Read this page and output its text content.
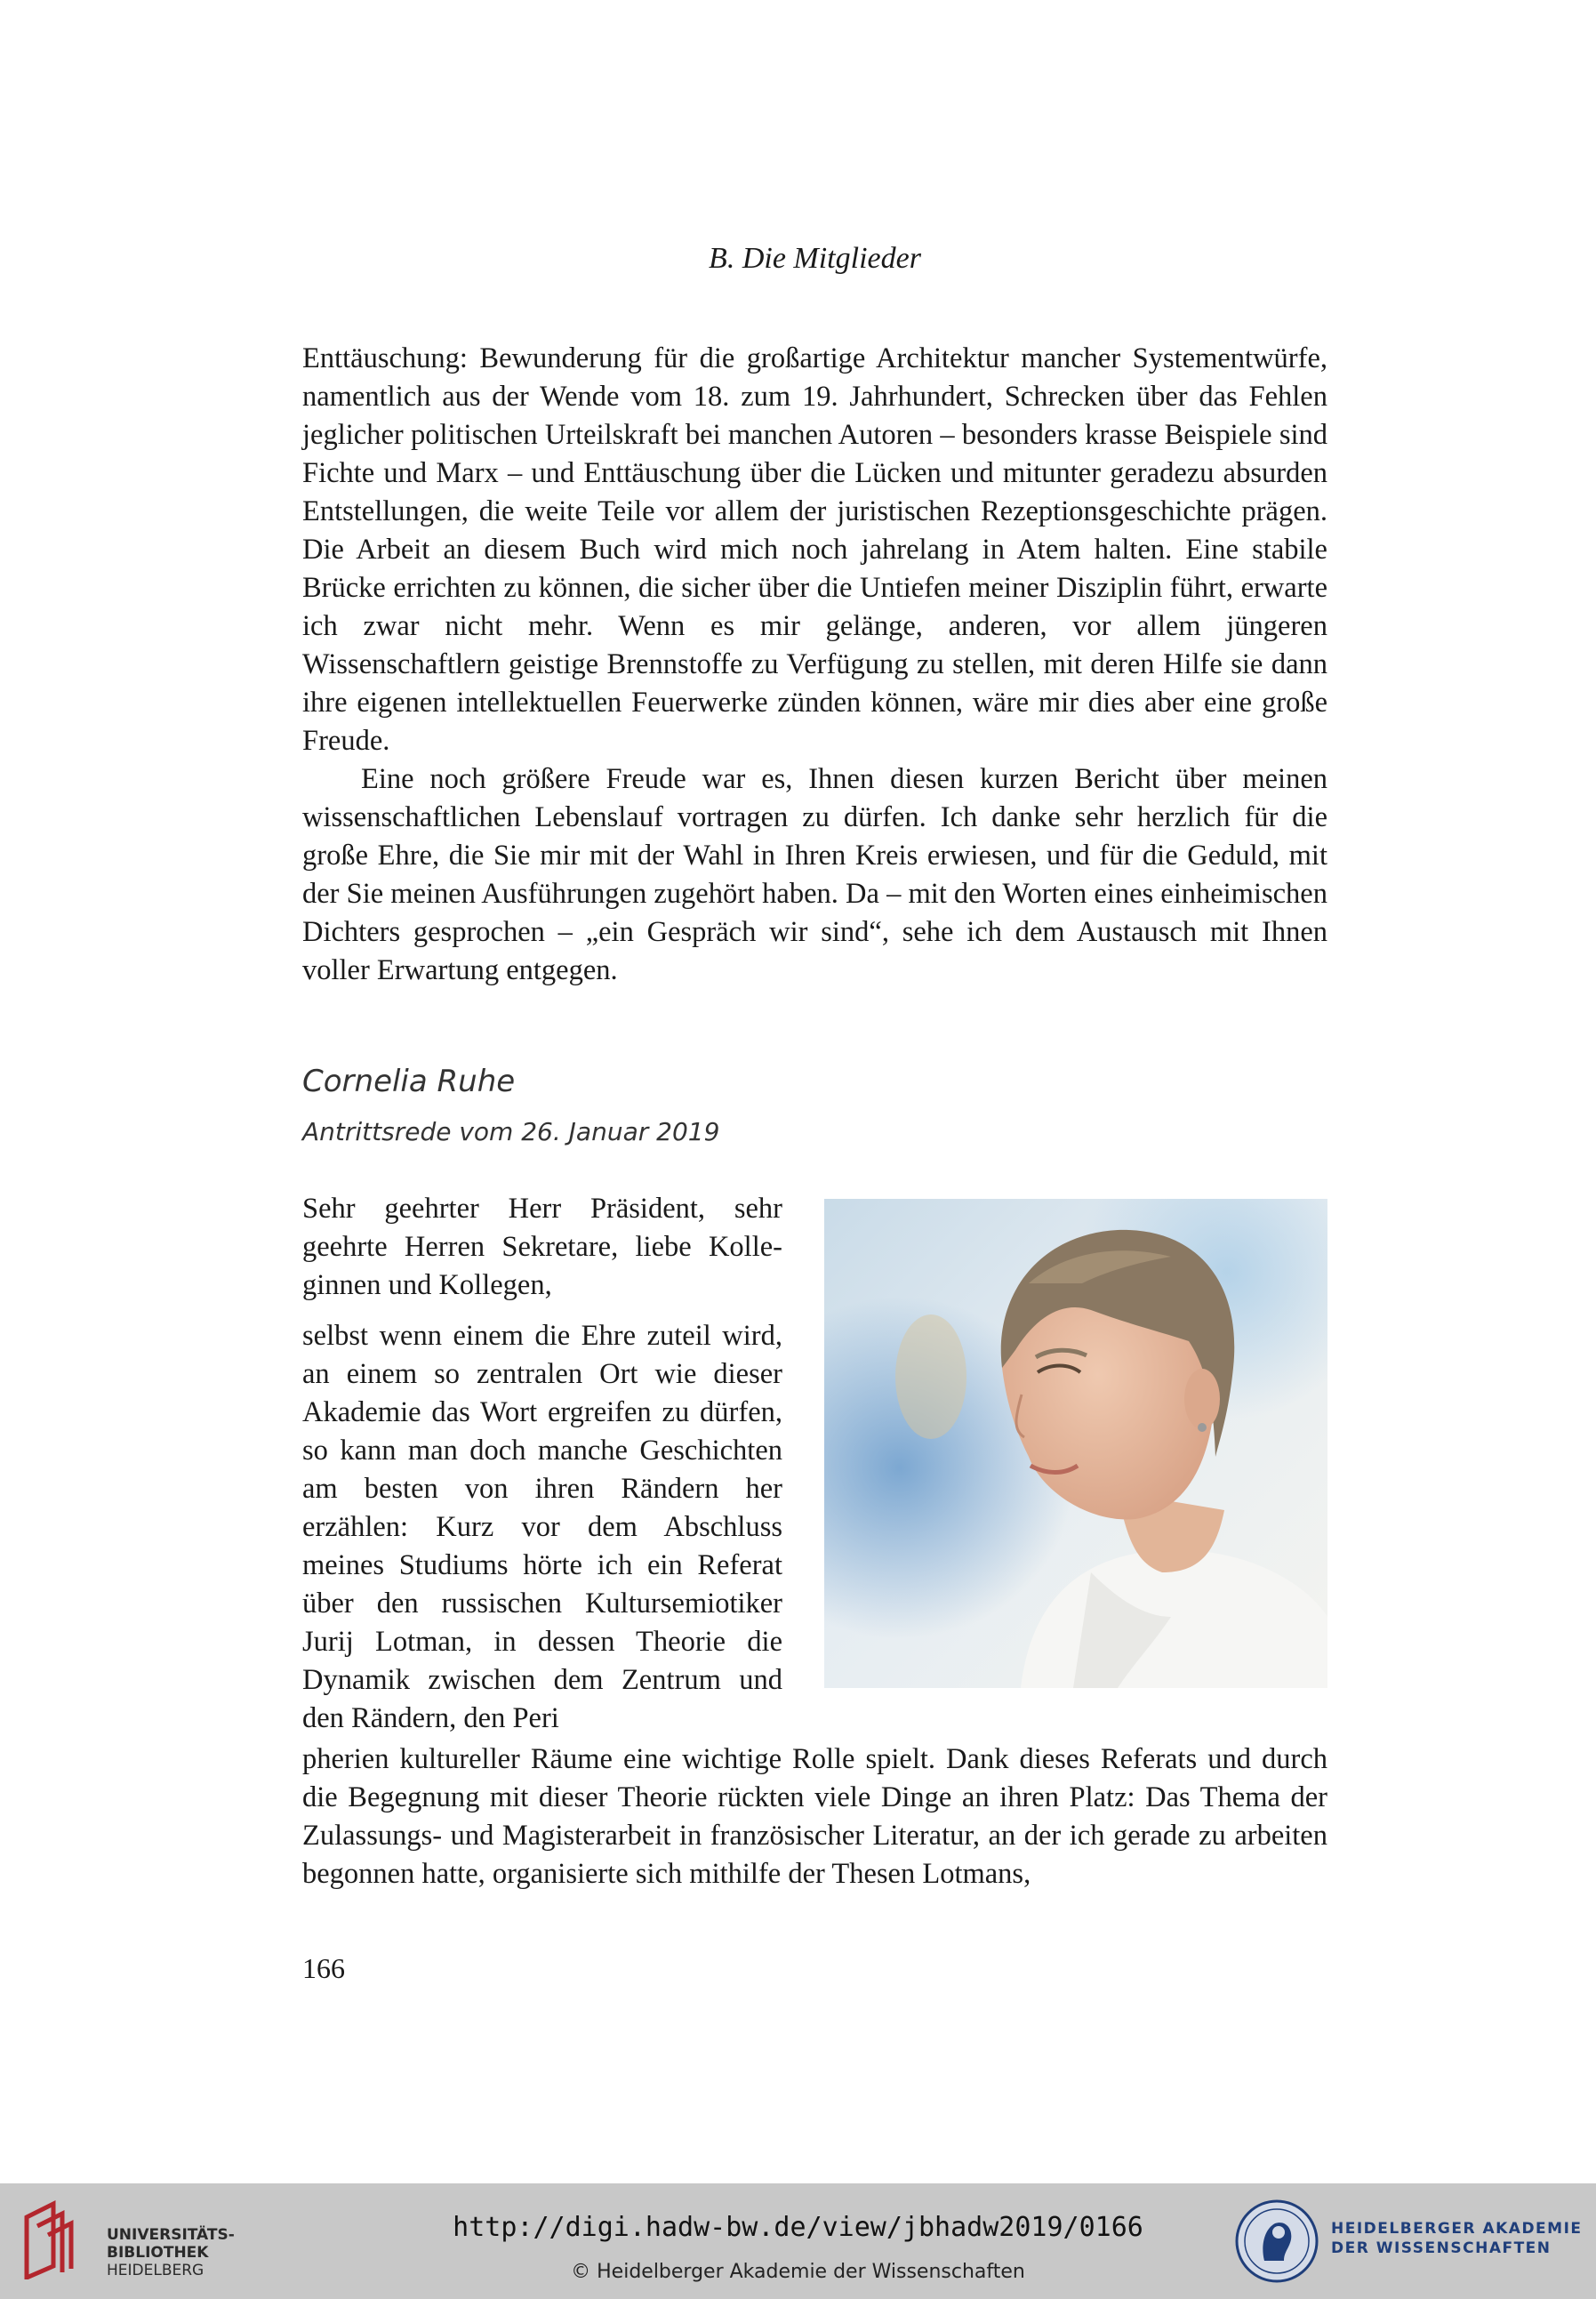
B. Die Mitglieder

Enttäuschung: Bewunderung für die großartige Architektur mancher Systementwürfe, namentlich aus der Wende vom 18. zum 19. Jahrhundert, Schrecken über das Fehlen jeglicher politischen Urteilskraft bei manchen Autoren – besonders krasse Beispiele sind Fichte und Marx – und Enttäuschung über die Lücken und mitunter geradezu absurden Entstellungen, die weite Teile vor allem der juristischen Rezeptionsgeschichte prägen. Die Arbeit an diesem Buch wird mich noch jahrelang in Atem halten. Eine stabile Brücke errichten zu können, die sicher über die Untiefen meiner Disziplin führt, erwarte ich zwar nicht mehr. Wenn es mir gelänge, anderen, vor allem jüngeren Wissenschaftlern geistige Brennstoffe zu Verfügung zu stellen, mit deren Hilfe sie dann ihre eigenen intellektuellen Feuerwerke zünden können, wäre mir dies aber eine große Freude.

Eine noch größere Freude war es, Ihnen diesen kurzen Bericht über meinen wissenschaftlichen Lebenslauf vortragen zu dürfen. Ich danke sehr herzlich für die große Ehre, die Sie mir mit der Wahl in Ihren Kreis erwiesen, und für die Geduld, mit der Sie meinen Ausführungen zugehört haben. Da – mit den Worten eines einheimischen Dichters gesprochen – „ein Gespräch wir sind“, sehe ich dem Austausch mit Ihnen voller Erwartung entgegen.

Cornelia Ruhe
Antrittsrede vom 26. Januar 2019

Sehr geehrter Herr Präsident, sehr geehrte Herren Sekretare, liebe Kolleginnen und Kollegen,

selbst wenn einem die Ehre zuteil wird, an einem so zentralen Ort wie dieser Akademie das Wort ergreifen zu dürfen, so kann man doch manche Geschichten am besten von ihren Rändern her erzählen: Kurz vor dem Abschluss meines Studiums hörte ich ein Referat über den russischen Kultursemiotiker Jurij Lotman, in dessen Theorie die Dynamik zwischen dem Zentrum und den Rändern, den Peri

pherien kultureller Räume eine wichtige Rolle spielt. Dank dieses Referats und durch die Begegnung mit dieser Theorie rückten viele Dinge an ihren Platz: Das Thema der Zulassungs- und Magisterarbeit in französischer Literatur, an der ich gerade zu arbeiten begonnen hatte, organisierte sich mithilfe der Thesen Lotmans,
166
UNIVERSITÄTS-
BIBLIOTHEK
HEIDELBERG
HEIDELBERGER AKADEMIE
DER WISSENSCHAFTEN
http://digi.hadw-bw.de/view/jbhadw2019/0166
© Heidelberger Akademie der Wissenschaften
